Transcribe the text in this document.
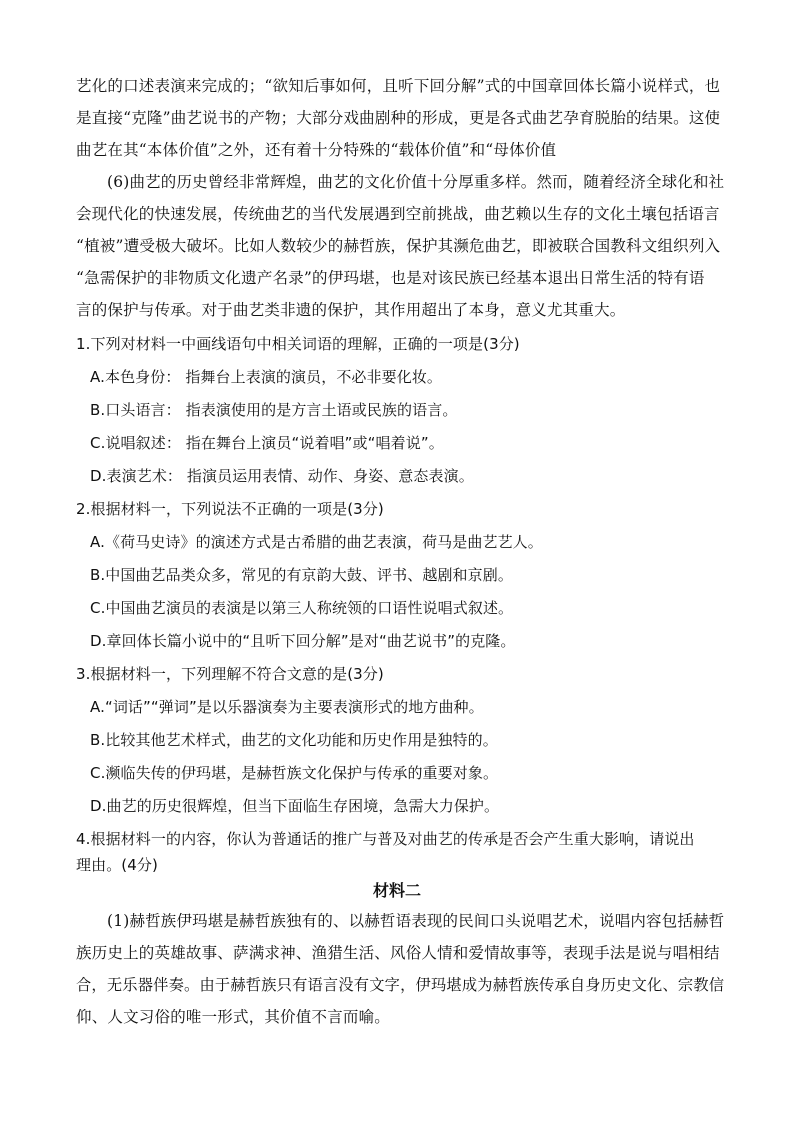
艺化的口述表演来完成的；“欲知后事如何，且听下回分解”式的中国章回体长篇小说样式，也
是直接“克隆”曲艺说书的产物；大部分戏曲剧种的形成，更是各式曲艺孕育脱胎的结果。这使
曲艺在其“本体价值”之外，还有着十分特殊的“载体价值”和“母体价值
(6)曲艺的历史曾经非常辉煌，曲艺的文化价值十分厚重多样。然而，随着经济全球化和社
会现代化的快速发展，传统曲艺的当代发展遇到空前挑战，曲艺赖以生存的文化土壤包括语言
“植被”遭受极大破坏。比如人数较少的赫哲族，保护其濒危曲艺，即被联合国教科文组织列入
“急需保护的非物质文化遗产名录”的伊玛堪，也是对该民族已经基本退出日常生活的特有语
言的保护与传承。对于曲艺类非遗的保护，其作用超出了本身，意义尤其重大。
1.下列对材料一中画线语句中相关词语的理解，正确的一项是(3分)
A.本色身份： 指舞台上表演的演员，不必非要化妆。
B.口头语言： 指表演使用的是方言土语或民族的语言。
C.说唱叙述： 指在舞台上演员“说着唱”或“唱着说”。
D.表演艺术： 指演员运用表情、动作、身姿、意态表演。
2.根据材料一，下列说法不正确的一项是(3分)
A.《荷马史诗》的演述方式是古希腊的曲艺表演，荷马是曲艺艺人。
B.中国曲艺品类众多，常见的有京韵大鼓、评书、越剧和京剧。
C.中国曲艺演员的表演是以第三人称统领的口语性说唱式叙述。
D.章回体长篇小说中的“且听下回分解”是对“曲艺说书”的克隆。
3.根据材料一，下列理解不符合文意的是(3分)
A.“词话”“弹词”是以乐器演奏为主要表演形式的地方曲种。
B.比较其他艺术样式，曲艺的文化功能和历史作用是独特的。
C.濒临失传的伊玛堪，是赫哲族文化保护与传承的重要对象。
D.曲艺的历史很辉煌，但当下面临生存困境，急需大力保护。
4.根据材料一的内容，你认为普通话的推广与普及对曲艺的传承是否会产生重大影响，请说出
理由。(4分)
材料二
(1)赫哲族伊玛堪是赫哲族独有的、以赫哲语表现的民间口头说唱艺术，说唱内容包括赫哲
族历史上的英雄故事、萨满求神、渔猎生活、风俗人情和爱情故事等，表现手法是说与唱相结
合，无乐器伴奏。由于赫哲族只有语言没有文字，伊玛堪成为赫哲族传承自身历史文化、宗教信
仰、人文习俗的唯一形式，其价值不言而喻。
